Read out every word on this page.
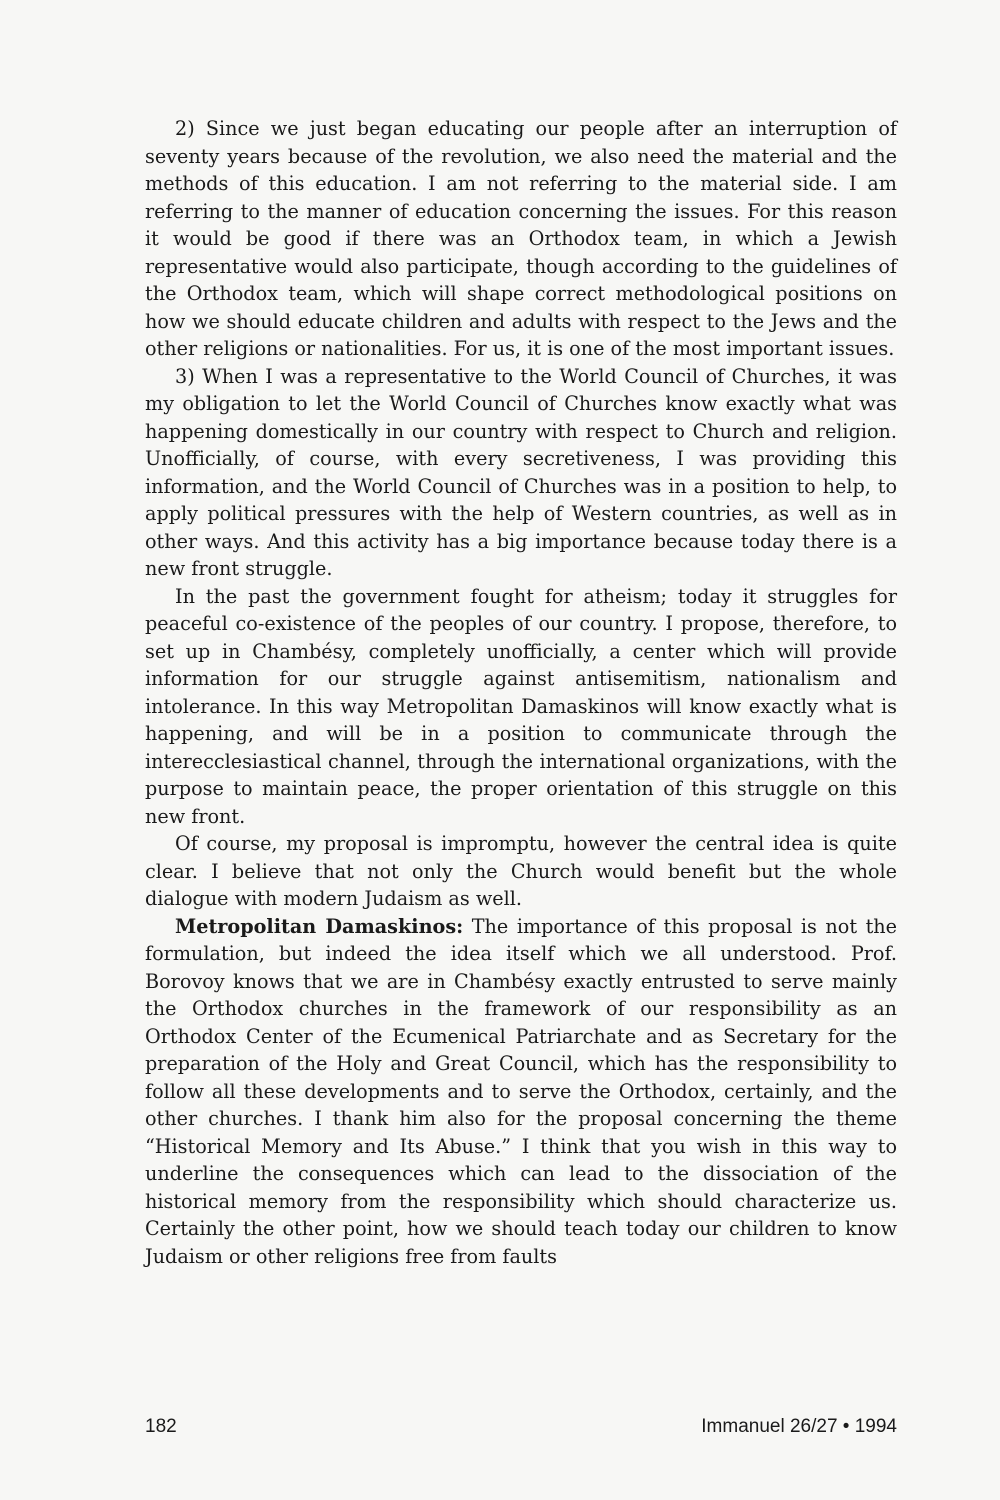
2) Since we just began educating our people after an interruption of seventy years because of the revolution, we also need the material and the methods of this education. I am not referring to the material side. I am referring to the manner of education concerning the issues. For this reason it would be good if there was an Orthodox team, in which a Jewish representative would also participate, though according to the guidelines of the Orthodox team, which will shape correct methodological positions on how we should educate children and adults with respect to the Jews and the other religions or nationalities. For us, it is one of the most important issues.

3) When I was a representative to the World Council of Churches, it was my obligation to let the World Council of Churches know exactly what was happening domestically in our country with respect to Church and religion. Unofficially, of course, with every secretiveness, I was providing this information, and the World Council of Churches was in a position to help, to apply political pressures with the help of Western countries, as well as in other ways. And this activity has a big importance because today there is a new front struggle.

In the past the government fought for atheism; today it struggles for peaceful co-existence of the peoples of our country. I propose, therefore, to set up in Chambésy, completely unofficially, a center which will provide information for our struggle against antisemitism, nationalism and intolerance. In this way Metropolitan Damaskinos will know exactly what is happening, and will be in a position to communicate through the interecclesiastical channel, through the international organizations, with the purpose to maintain peace, the proper orientation of this struggle on this new front.

Of course, my proposal is impromptu, however the central idea is quite clear. I believe that not only the Church would benefit but the whole dialogue with modern Judaism as well.

Metropolitan Damaskinos: The importance of this proposal is not the formulation, but indeed the idea itself which we all understood. Prof. Borovoy knows that we are in Chambésy exactly entrusted to serve mainly the Orthodox churches in the framework of our responsibility as an Orthodox Center of the Ecumenical Patriarchate and as Secretary for the preparation of the Holy and Great Council, which has the responsibility to follow all these developments and to serve the Orthodox, certainly, and the other churches. I thank him also for the proposal concerning the theme “Historical Memory and Its Abuse.” I think that you wish in this way to underline the consequences which can lead to the dissociation of the historical memory from the responsibility which should characterize us. Certainly the other point, how we should teach today our children to know Judaism or other religions free from faults

182	Immanuel 26/27 • 1994
